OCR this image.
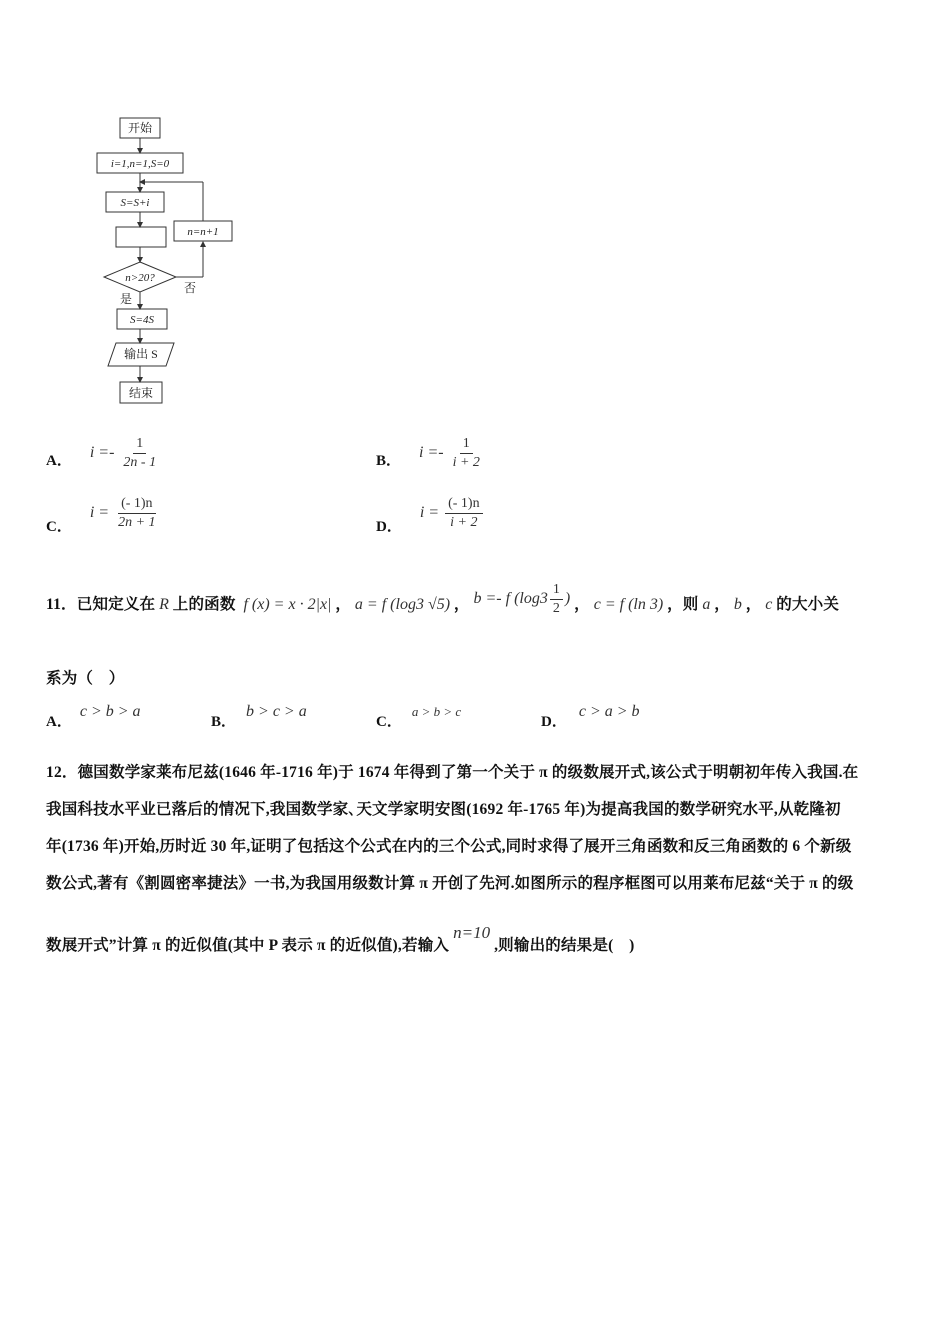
开始
i=1,n=1,S=0
S=S+i
n=n+1
n>20?
是
否
S=4S
输出 S
结束
A． $i =- \frac{1}{2n - 1}$	B． $i =- \frac{1}{i + 2}$
C． $i = \frac{(- 1)n}{2n + 1}$	D． $i = \frac{(- 1)n}{i + 2}$
11．已知定义在 R 上的函数 f (x) = x · 2|x| ， a = f (log3 √5) ， b =- f ($\log 3 \frac{1}{2}$ ) ， c = f (ln 3) ，则 a ， b ， c 的大小关
系为（　）
A． c > b > a
B． b > c > a
C． a > b > c
D． c > a > b
12．德国数学家莱布尼兹(1646 年-1716 年)于 1674 年得到了第一个关于 π 的级数展开式,该公式于明朝初年传入我国.在
我国科技水平业已落后的情况下,我国数学家､天文学家明安图(1692 年-1765 年)为提高我国的数学研究水平,从乾隆初
年(1736 年)开始,历时近 30 年,证明了包括这个公式在内的三个公式,同时求得了展开三角函数和反三角函数的 6 个新级
数公式,著有《割圆密率捷法》一书,为我国用级数计算 π 开创了先河.如图所示的程序框图可以用莱布尼兹“关于 π 的级
数展开式”计算 π 的近似值(其中 P 表示 π 的近似值),若输入 n=10 ,则输出的结果是(　)
